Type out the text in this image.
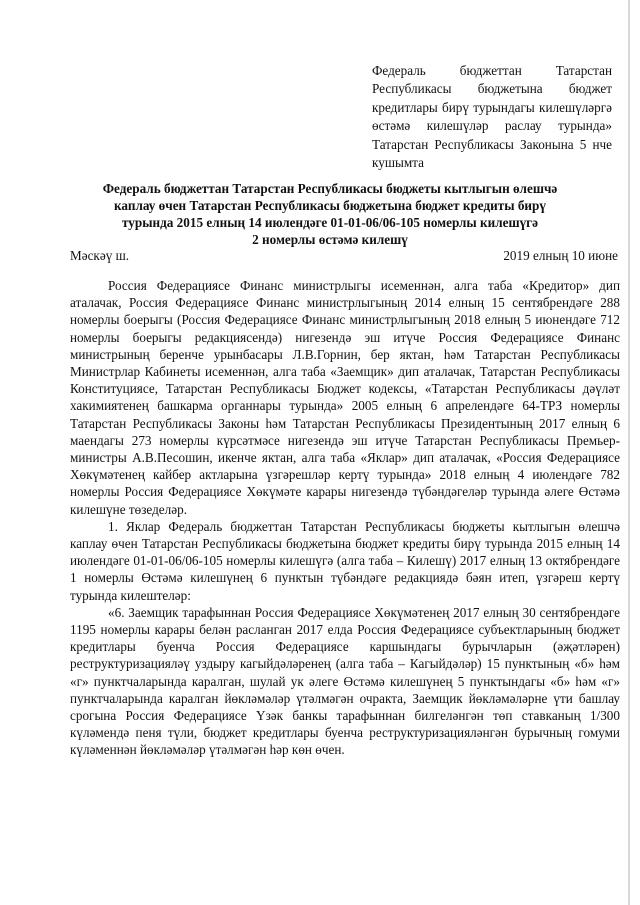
Федераль бюджеттан Татарстан Республикасы бюджетына бюджет кредитлары бирү турындагы килешүләргә өстәмә килешүләр раслау турында» Татарстан Республикасы Законына 5 нче кушымта
Федераль бюджеттан Татарстан Республикасы бюджеты кытлыгын өлешчә
каплау өчен Татарстан Республикасы бюджетына бюджет кредиты бирү
турында 2015 елның 14 июлендәге 01-01-06/06-105 номерлы килешүгә
2 номерлы өстәмә килешү
Мәскәү ш.	2019 елның 10 июне

Россия Федерациясе Финанс министрлыгы исеменнән, алга таба «Кредитор» дип аталачак, Россия Федерациясе Финанс министрлыгының 2014 елның 15 сентябрендәге 288 номерлы боерыгы (Россия Федерациясе Финанс министрлыгының 2018 елның 5 июнендәге 712 номерлы боерыгы редакциясендә) нигезендә эш итүче Россия Федерациясе Финанс министрының беренче урынбасары Л.В.Горнин, бер яктан, һәм Татарстан Республикасы Министрлар Кабинеты исеменнән, алга таба «Заемщик» дип аталачак, Татарстан Республикасы Конституциясе, Татарстан Республикасы Бюджет кодексы, «Татарстан Республикасы дәүләт хакимиятенең башкарма органнары турында» 2005 елның 6 апрелендәге 64-ТРЗ номерлы Татарстан Республикасы Законы һәм Татарстан Республикасы Президентының 2017 елның 6 маендагы 273 номерлы күрсәтмәсе нигезендә эш итүче Татарстан Республикасы Премьер-министры А.В.Песошин, икенче яктан, алга таба «Яклар» дип аталачак, «Россия Федерациясе Хөкүмәтенең кайбер актларына үзгәрешләр кертү турында» 2018 елның 4 июлендәге 782 номерлы Россия Федерациясе Хөкүмәте карары нигезендә түбәндәгеләр турында әлеге Өстәмә килешүне төзеделәр.

1. Яклар Федераль бюджеттан Татарстан Республикасы бюджеты кытлыгын өлешчә каплау өчен Татарстан Республикасы бюджетына бюджет кредиты бирү турында 2015 елның 14 июлендәге 01-01-06/06-105 номерлы килешүгә (алга таба – Килешү) 2017 елның 13 октябрендәге 1 номерлы Өстәмә килешүнең 6 пунктын түбәндәге редакциядә бәян итеп, үзгәреш кертү турында килештеләр:

«6. Заемщик тарафыннан Россия Федерациясе Хөкүмәтенең 2017 елның 30 сентябрендәге 1195 номерлы карары белән расланган 2017 елда Россия Федерациясе субъектларының бюджет кредитлары буенча Россия Федерациясе каршындагы бурычларын (әҗәтләрен) реструктуризацияләү уздыру кагыйдәләренең (алга таба – Кагыйдәләр) 15 пунктының «б» һәм «г» пунктчаларында каралган, шулай ук әлеге Өстәмә килешүнең 5 пунктындагы «б» һәм «г» пунктчаларында каралган йөкләмәләр үтәлмәгән очракта, Заемщик йөкләмәләрне үти башлау срогына Россия Федерациясе Үзәк банкы тарафыннан билгеләнгән төп ставканың 1/300 күләмендә пеня түли, бюджет кредитлары буенча реструктуризацияләнгән бурычның гомуми күләменнән йөкләмәләр үтәлмәгән һәр көн өчен.
